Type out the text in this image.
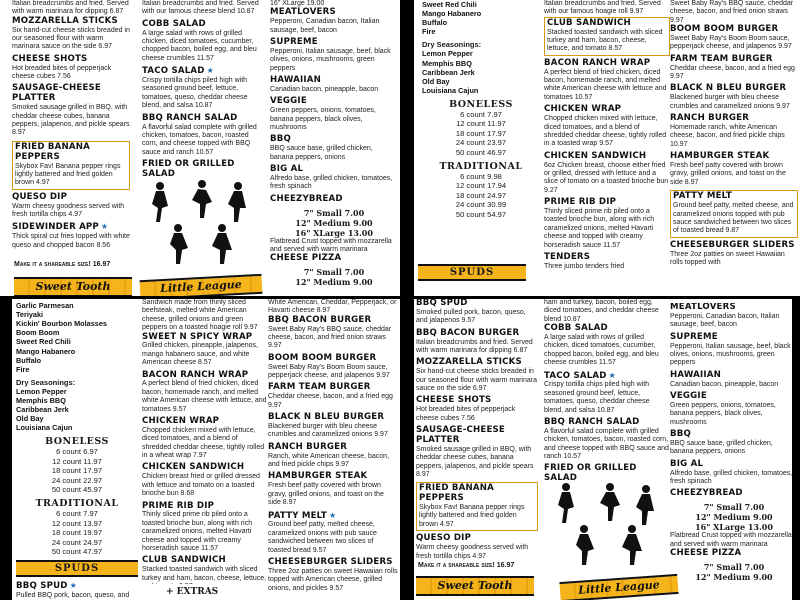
Italian breadcrumbs and fried. Served with warm marinara for dipping 6.87
MOZZARELLA STICKS
Six hand-cut cheese sticks breaded in our seasoned flour with warm marinara sauce on the side 6.97
CHEESE SHOTS
Hot breaded bites of pepperjack cheese cubes 7.56
SAUSAGE-CHEESE PLATTER
Smoked sausage grilled in BBQ, with cheddar cheese cubes, banana peppers, jalapenos, and pickle spears 8.97
FRIED BANANA PEPPERS
Skybox Fav! Banana pepper rings lightly battered and fried golden brown 4.97
QUESO DIP
Warm cheesy goodness served with fresh tortilla chips 4.97
SIDEWINDER APP ★
Thick spiral cut fries topped with white queso and chopped bacon 8.56
Make it a shareable size! 16.97
Sweet Tooth
Italian breadcrumbs and fried. Served with our famous cheese blend 10.87
COBB SALAD
A large salad with rows of grilled chicken, diced tomatoes, cucumber, chopped bacon, boiled egg, and bleu cheese crumbles 11.57
TACO SALAD ★
Crispy tortilla chips piled high with seasoned ground beef, lettuce, tomatoes, queso, cheddar cheese blend, and salsa 10.87
BBQ RANCH SALAD
A flavorful salad complete with grilled chicken, tomatoes, bacon, roasted corn, and cheese topped with BBQ sauce and ranch 10.57
FRIED OR GRILLED SALAD
Little League
16" XLarge 19.00
MEATLOVERS
Pepperoni, Canadian bacon, Italian sausage, beef, bacon
SUPREME
Pepperoni, Italian sausage, beef, black olives, onions, mushrooms, green peppers
HAWAIIAN
Canadian bacon, pineapple, bacon
VEGGIE
Green peppers, onions, tomatoes, banana peppers, black olives, mushrooms
BBQ
BBQ sauce base, grilled chicken, banana peppers, onions
BIG AL
Alfredo base, grilled chicken, tomatoes, fresh spinach
CHEEZYBREAD
7" Small 7.00
12" Medium 9.00
16" XLarge 13.00
Flatbread Crust topped with mozzarella and served with warm marinara
CHEESE PIZZA
7" Small 7.00
12" Medium 9.00
Sweet Red Chili
Mango Habanero
Buffalo
Fire
Dry Seasonings:
Lemon Pepper
Memphis BBQ
Caribbean Jerk
Old Bay
Louisiana Cajun
BONELESS
6 count 7.97
12 count 11.97
18 count 17.97
24 count 23.97
50 count 46.97
TRADITIONAL
6 count 9.98
12 count 17.94
18 count 24.97
24 count 30.99
50 count 54.97
SPUDS
Italian breadcrumbs and fried. Served with our famous hoagie roll 9.97
CLUB SANDWICH
Stacked toasted sandwich with sliced turkey and ham, bacon, cheese, lettuce, and tomato 8.57
BACON RANCH WRAP
A perfect blend of fried chicken, diced bacon, homemade ranch, and melted white American cheese with lettuce and tomatoes 10.57
CHICKEN WRAP
Chopped chicken mixed with lettuce, diced tomatoes, and a blend of shredded cheddar cheese, tightly rolled in a toasted wrap 9.57
CHICKEN SANDWICH
6oz Chicken breast, choose either fried or grilled, dressed with lettuce and a slice of tomato on a toasted brioche bun 9.27
PRIME RIB DIP
Thinly sliced prime rib piled onto a toasted brioche bun, along with rich caramelized onions, melted Havarti cheese and topped with creamy horseradish sauce 11.57
TENDERS
Three jumbo tenders fried
Sweet Baby Ray's BBQ sauce, cheddar cheese, bacon, and fried onion straws 9.97
BOOM BOOM BURGER
Sweet Baby Ray's Boom Boom sauce, pepperjack cheese, and jalapenos 9.97
FARM TEAM BURGER
Cheddar cheese, bacon, and a fried egg 9.97
BLACK N BLEU BURGER
Blackened burger with bleu cheese crumbles and caramelized onions 9.97
RANCH BURGER
Homemade ranch, white American cheese, bacon, and fried pickle chips 10.97
HAMBURGER STEAK
Fresh beef patty covered with brown gravy, grilled onions, and toast on the side 8.97
PATTY MELT
Ground beef patty, melted cheese, and caramelized onions topped with pub sauce sandwiched between two slices of toasted bread 9.87
CHEESEBURGER SLIDERS
Three 2oz patties on sweet Hawaiian rolls topped with
Garlic Parmesan
Teriyaki
Kickin' Bourbon Molasses
Boom Boom
Sweet Red Chili
Mango Habanero
Buffalo
Fire
Dry Seasonings:
Lemon Pepper
Memphis BBQ
Caribbean Jerk
Old Bay
Louisiana Cajun
BONELESS
6 count 6.97
12 count 11.97
18 count 17.97
24 count 22.97
50 count 45.97
TRADITIONAL
6 count 7.97
12 count 13.97
18 count 19.97
24 count 24.97
50 count 47.97
SPUDS
BBQ SPUD ★
Pulled BBQ pork, bacon, queso, and
Sandwich made from thinly sliced beefsteak, melted white American cheese, grilled onions and green peppers on a toasted hoagie roll 9.97
SWEET N SPICY WRAP
Grilled chicken, pineapple, jalapenos, mango habanero sauce, and white American cheese 8.57
BACON RANCH WRAP
A perfect blend of fried chicken, diced bacon, homemade ranch, and melted white American cheese with lettuce, and tomatoes 9.57
CHICKEN WRAP
Chopped chicken mixed with lettuce, diced tomatoes, and a blend of shredded cheddar cheese, tightly rolled in a wheat wrap 7.97
CHICKEN SANDWICH
Chicken breast fried or grilled dressed with lettuce and tomato on a toasted brioche bun 8.68
PRIME RIB DIP
Thinly sliced prime rib piled onto a toasted brioche bun, along with rich caramelized onions, melted Havarti cheese and topped with creamy horseradish sauce 11.57
CLUB SANDWICH
Stacked toasted sandwich with sliced turkey and ham, bacon, cheese, lettuce,
+ EXTRAS
White American, Cheddar, Pepperjack, or Havarti cheese 8.97
BBQ BACON BURGER
Sweet Baby Ray's BBQ sauce, cheddar cheese, bacon, and fried onion straws 9.97
BOOM BOOM BURGER
Sweet Baby Ray's Boom Boom sauce, pepperjack cheese, and jalapenos 9.97
FARM TEAM BURGER
Cheddar cheese, bacon, and a fried egg 9.97
BLACK N BLEU BURGER
Blackened burger with bleu cheese crumbles and caramelized onions 9.97
RANCH BURGER
Ranch, white American cheese, bacon, and fried pickle chips 9.97
HAMBURGER STEAK
Fresh beef patty covered with brown gravy, grilled onions, and toast on the side 8.97
PATTY MELT ★
Ground beef patty, melted cheese, caramelized onions with pub sauce sandwiched between two slices of toasted bread 9.57
CHEESEBURGER SLIDERS
Three 2oz patties on sweet Hawaiian rolls topped with American cheese, grilled onions, and pickles 9.57
BBQ SPUD
Smoked pulled pork, bacon, queso, and jalapenos 9.57
BBQ BACON BURGER
Italian breadcrumbs and fried. Served with warm marinara for dipping 6.87
MOZZARELLA STICKS
Six hand-cut cheese sticks breaded in our seasoned flour with warm marinara sauce on the side 6.97
CHEESE SHOTS
Hot breaded bites of pepperjack cheese cubes 7.56
SAUSAGE-CHEESE PLATTER
Smoked sausage grilled in BBQ, with cheddar cheese cubes, banana peppers, jalapenos, and pickle spears 8.97
FRIED BANANA PEPPERS
Skybox Fav! Banana pepper rings lightly battered and fried golden brown 4.97
QUESO DIP
Warm cheesy goodness served with fresh tortilla chips 4.97
Make it a shareable size! 16.97
Sweet Tooth
ham and turkey, bacon, boiled egg, diced tomatoes, and cheddar cheese blend 10.87
COBB SALAD
A large salad with rows of grilled chicken, diced tomatoes, cucumber, chopped bacon, boiled egg, and bleu cheese crumbles 11.57
TACO SALAD ★
Crispy tortilla chips piled high with seasoned ground beef, lettuce, tomatoes, queso, cheddar cheese blend, and salsa 10.87
BBQ RANCH SALAD
A flavorful salad complete with grilled chicken, tomatoes, bacon, roasted corn, and cheese topped with BBQ sauce and ranch 10.57
FRIED OR GRILLED SALAD
Little League
MEATLOVERS
Pepperoni, Canadian bacon, Italian sausage, beef, bacon
SUPREME
Pepperoni, Italian sausage, beef, black olives, onions, mushrooms, green peppers
HAWAIIAN
Canadian bacon, pineapple, bacon
VEGGIE
Green peppers, onions, tomatoes, banana peppers, black olives, mushrooms
BBQ
BBQ sauce base, grilled chicken, banana peppers, onions
BIG AL
Alfredo base, grilled chicken, tomatoes, fresh spinach
CHEEZYBREAD
7" Small 7.00
12" Medium 9.00
16" XLarge 13.00
Flatbread Crust topped with mozzarella and served with warm marinara
CHEESE PIZZA
7" Small 7.00
12" Medium 9.00
